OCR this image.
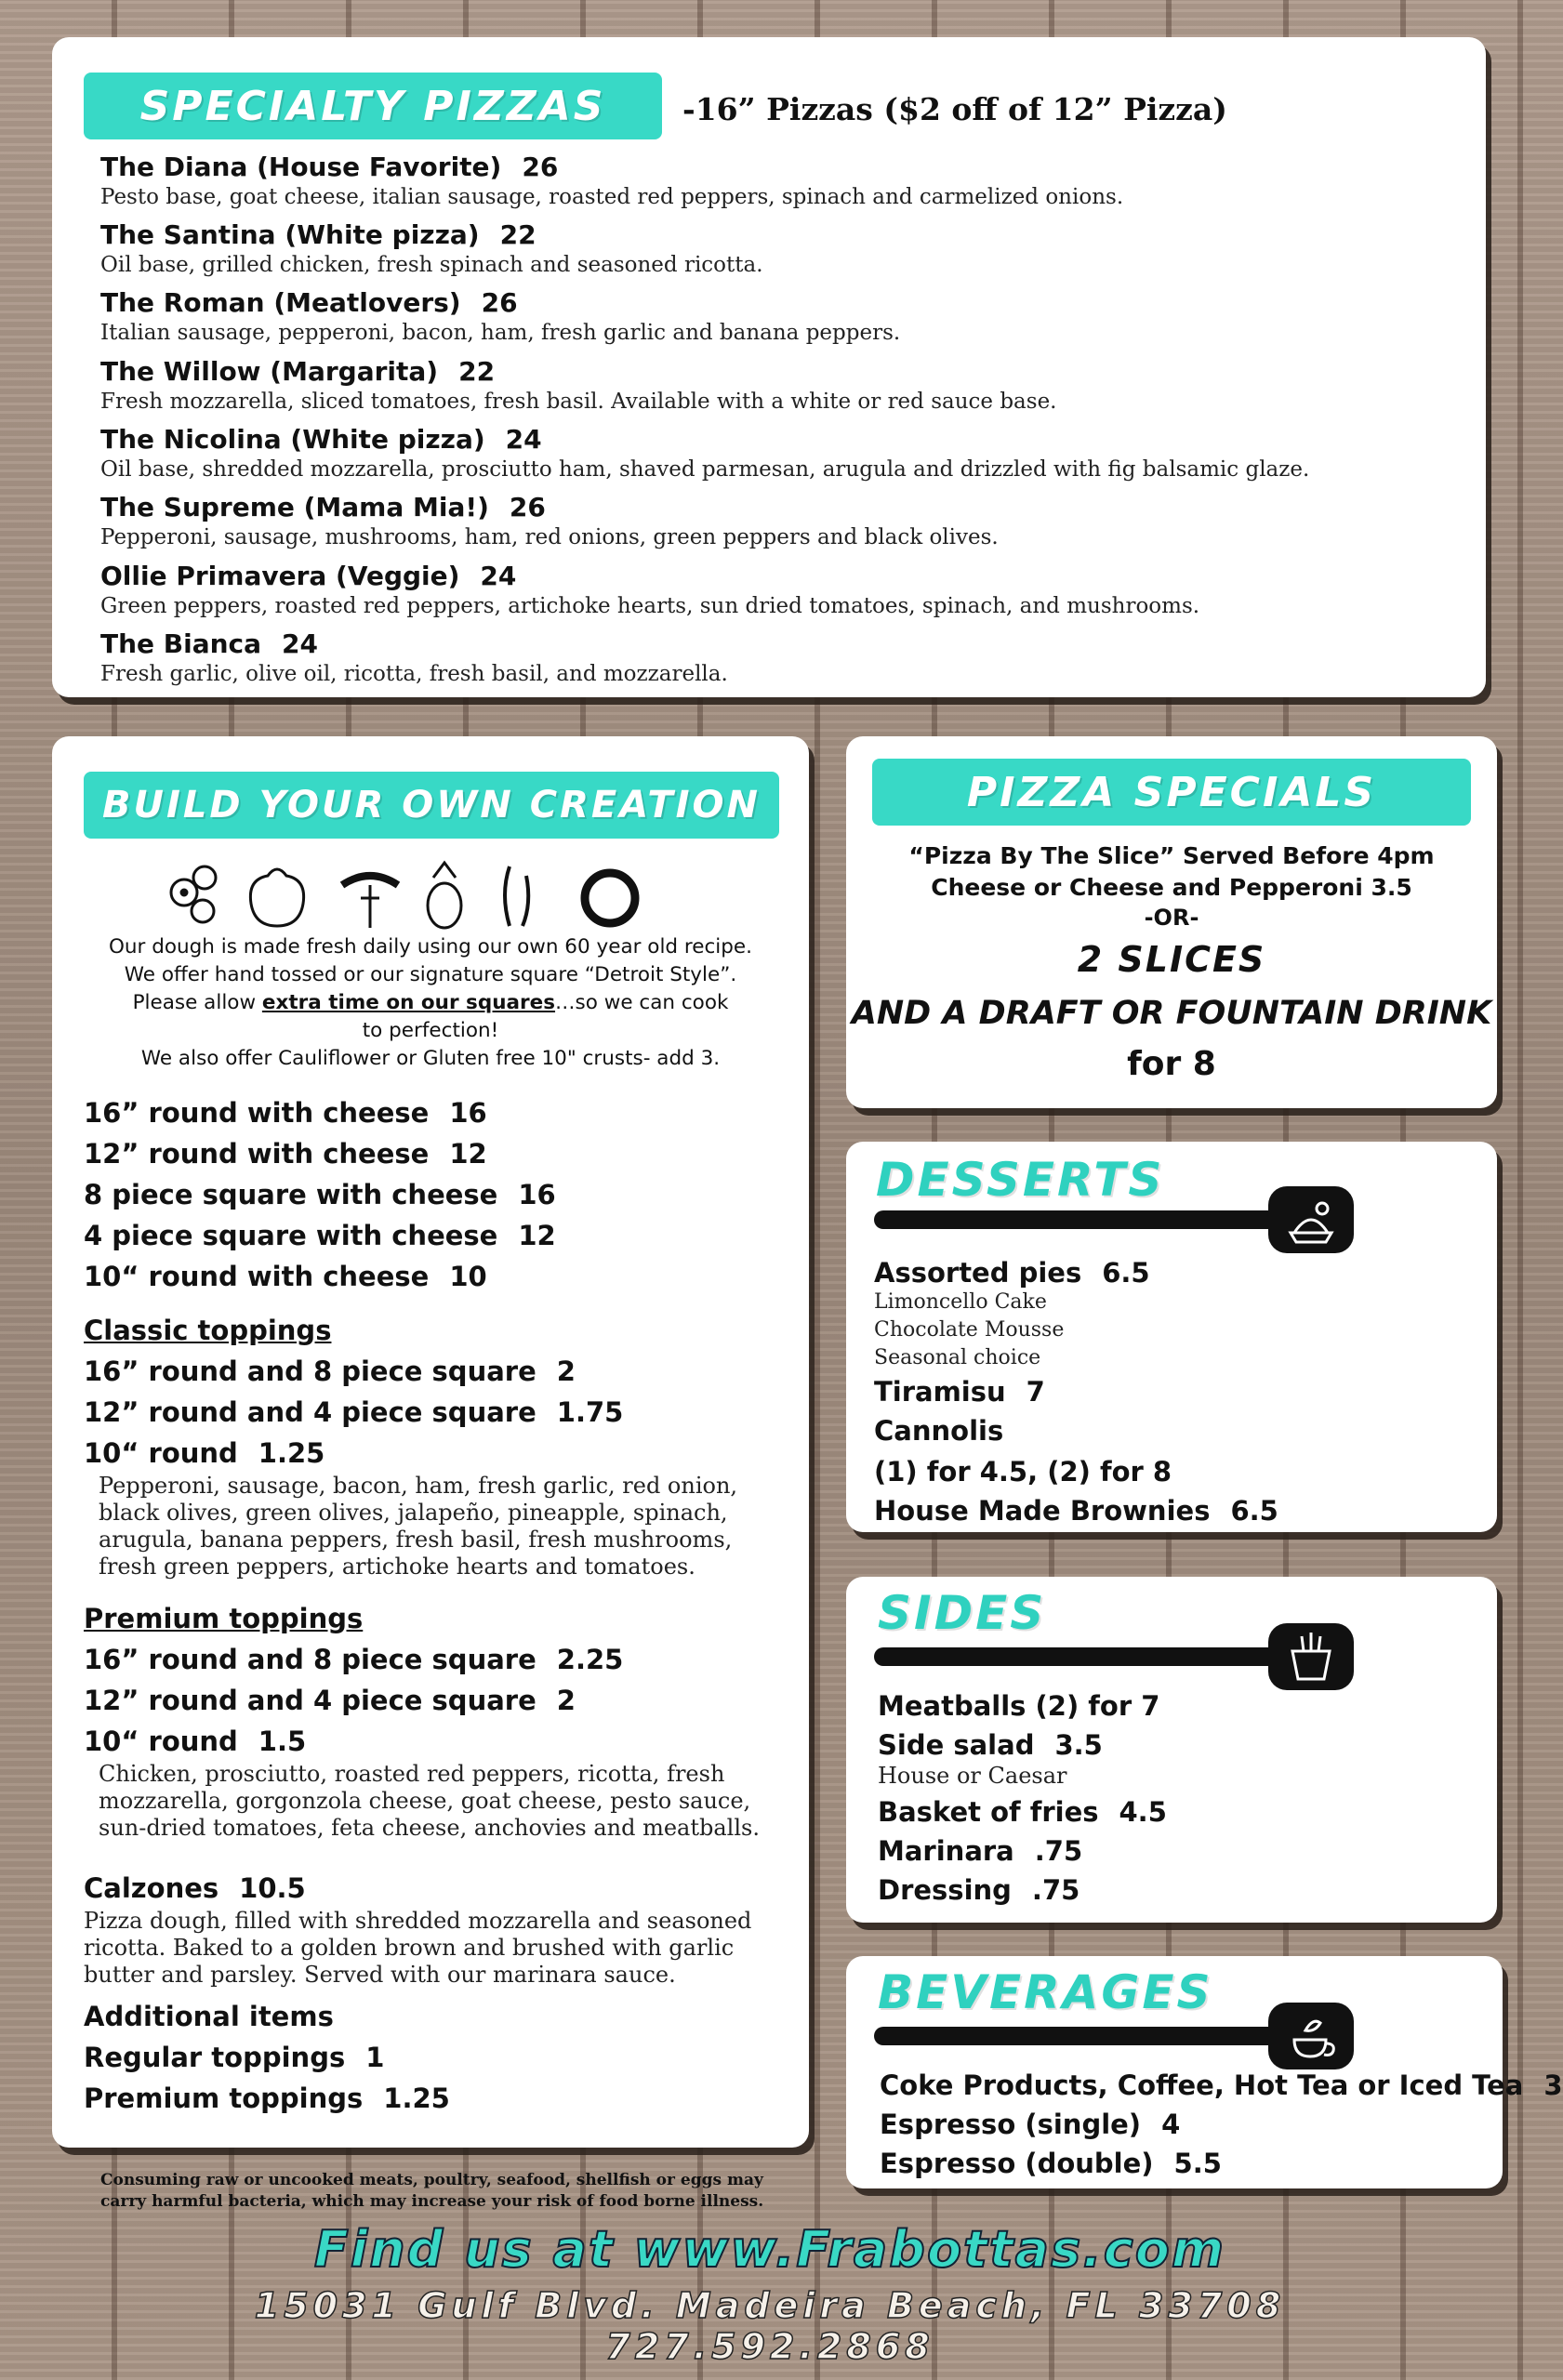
SPECIALTY PIZZAS	-16” Pizzas ($2 off of 12” Pizza)
The Diana (House Favorite) 26
Pesto base, goat cheese, italian sausage, roasted red peppers, spinach and carmelized onions.
The Santina (White pizza) 22
Oil base, grilled chicken, fresh spinach and seasoned ricotta.
The Roman (Meatlovers) 26
Italian sausage, pepperoni, bacon, ham, fresh garlic and banana peppers.
The Willow (Margarita) 22
Fresh mozzarella, sliced tomatoes, fresh basil. Available with a white or red sauce base.
The Nicolina (White pizza) 24
Oil base, shredded mozzarella, prosciutto ham, shaved parmesan, arugula and drizzled with fig balsamic glaze.
The Supreme (Mama Mia!) 26
Pepperoni, sausage, mushrooms, ham, red onions, green peppers and black olives.
Ollie Primavera (Veggie) 24
Green peppers, roasted red peppers, artichoke hearts, sun dried tomatoes, spinach, and mushrooms.
The Bianca 24
Fresh garlic, olive oil, ricotta, fresh basil, and mozzarella.
BUILD YOUR OWN CREATION
Our dough is made fresh daily using our own 60 year old recipe.
We offer hand tossed or our signature square “Detroit Style”.
Please allow extra time on our squares…so we can cook
to perfection!
We also offer Cauliflower or Gluten free 10" crusts- add 3.
16” round with cheese 16
12” round with cheese 12
8 piece square with cheese 16
4 piece square with cheese 12
10“ round with cheese 10
Classic toppings
16” round and 8 piece square 2
12” round and 4 piece square 1.75
10“ round 1.25
Pepperoni, sausage, bacon, ham, fresh garlic, red onion, black olives, green olives, jalapeño, pineapple, spinach, arugula, banana peppers, fresh basil, fresh mushrooms, fresh green peppers, artichoke hearts and tomatoes.
Premium toppings
16” round and 8 piece square 2.25
12” round and 4 piece square 2
10“ round 1.5
Chicken, prosciutto, roasted red peppers, ricotta, fresh mozzarella, gorgonzola cheese, goat cheese, pesto sauce, sun-dried tomatoes, feta cheese, anchovies and meatballs.
Calzones 10.5
Pizza dough, filled with shredded mozzarella and seasoned ricotta. Baked to a golden brown and brushed with garlic butter and parsley. Served with our marinara sauce.
Additional items
Regular toppings 1
Premium toppings 1.25
Consuming raw or uncooked meats, poultry, seafood, shellfish or eggs may carry harmful bacteria, which may increase your risk of food borne illness.
PIZZA SPECIALS
“Pizza By The Slice” Served Before 4pm
Cheese or Cheese and Pepperoni 3.5
-OR-
2 SLICES
AND A DRAFT OR FOUNTAIN DRINK
for 8
DESSERTS
Assorted pies 6.5
Limoncello Cake
Chocolate Mousse
Seasonal choice
Tiramisu 7
Cannolis
(1) for 4.5, (2) for 8
House Made Brownies 6.5
SIDES
Meatballs (2) for 7
Side salad 3.5
House or Caesar
Basket of fries 4.5
Marinara .75
Dressing .75
BEVERAGES
Coke Products, Coffee, Hot Tea or Iced Tea 3
Espresso (single) 4
Espresso (double) 5.5
Find us at www.Frabottas.com
15031 Gulf Blvd. Madeira Beach, FL 33708
727.592.2868
